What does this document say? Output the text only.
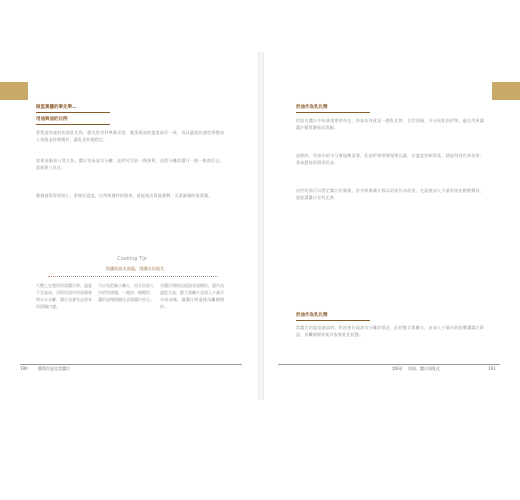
做蛋黃醬的事先準…
用油與油的比例
要製造快速的奶油乳化物，應先把食材準備妥當，雞蛋與油的溫度最好一致，再以適當的速度慢慢加入油脂並持續攪拌，讓乳化狀態穩定。
如果油脂加入得太快，醬汁容易油水分離；此時可另取一顆蛋黃，再把分離的醬汁一點一點加回去，重新建立乳化。
整個過程需要耐心，掌握好溫度、比例與攪拌的節奏，就能做出質地濃稠、光滑細緻的蛋黃醬。
Cooking Tip
別讓奶油太高溫，別讓水份流失
大體上在製作奶油醬汁時，溫度不宜過高，否則奶油中的油脂會和水分分離，醬汁也會失去原本的滑順口感。
可以先把鍋子離火，再分次加入冷的奶油塊，一邊加一邊攪拌，讓奶油慢慢融化並與醬汁結合。
若醬汁開始出現油光或顆粒，就代表溫度太高，應立刻離火並加入少量冷水或冰塊，讓醬汁降溫後再繼續攪拌。
190	簡單打造完美醬汁
奶油作為乳化劑
奶油在醬汁中扮演重要的角色。奶油本身就是一種乳化物，含有油脂、水分與乳固形物，適合用來讓醬汁變得濃郁而滑順。
加熱時，奶油中的水分會逐漸蒸發，乳固形物則會慢慢沉澱，若溫度控制得當，就能得到色澤金黃、香氣濃郁的澄清奶油。
由於奶油可以穩定醬汁的質地，許多經典醬汁都以奶油作為收尾，在最後加入少量奶油並輕輕攪拌，就能讓醬汁更有光澤。
奶油作為乳化劑
當醬汁的溫度過高時，奶油會出現油水分離的情況，此時應立即離火，並加入少量冷的液體讓醬汁降溫，再繼續攪拌使其恢復乳化狀態。
第6章 奶油、醬汁與乳化	191
